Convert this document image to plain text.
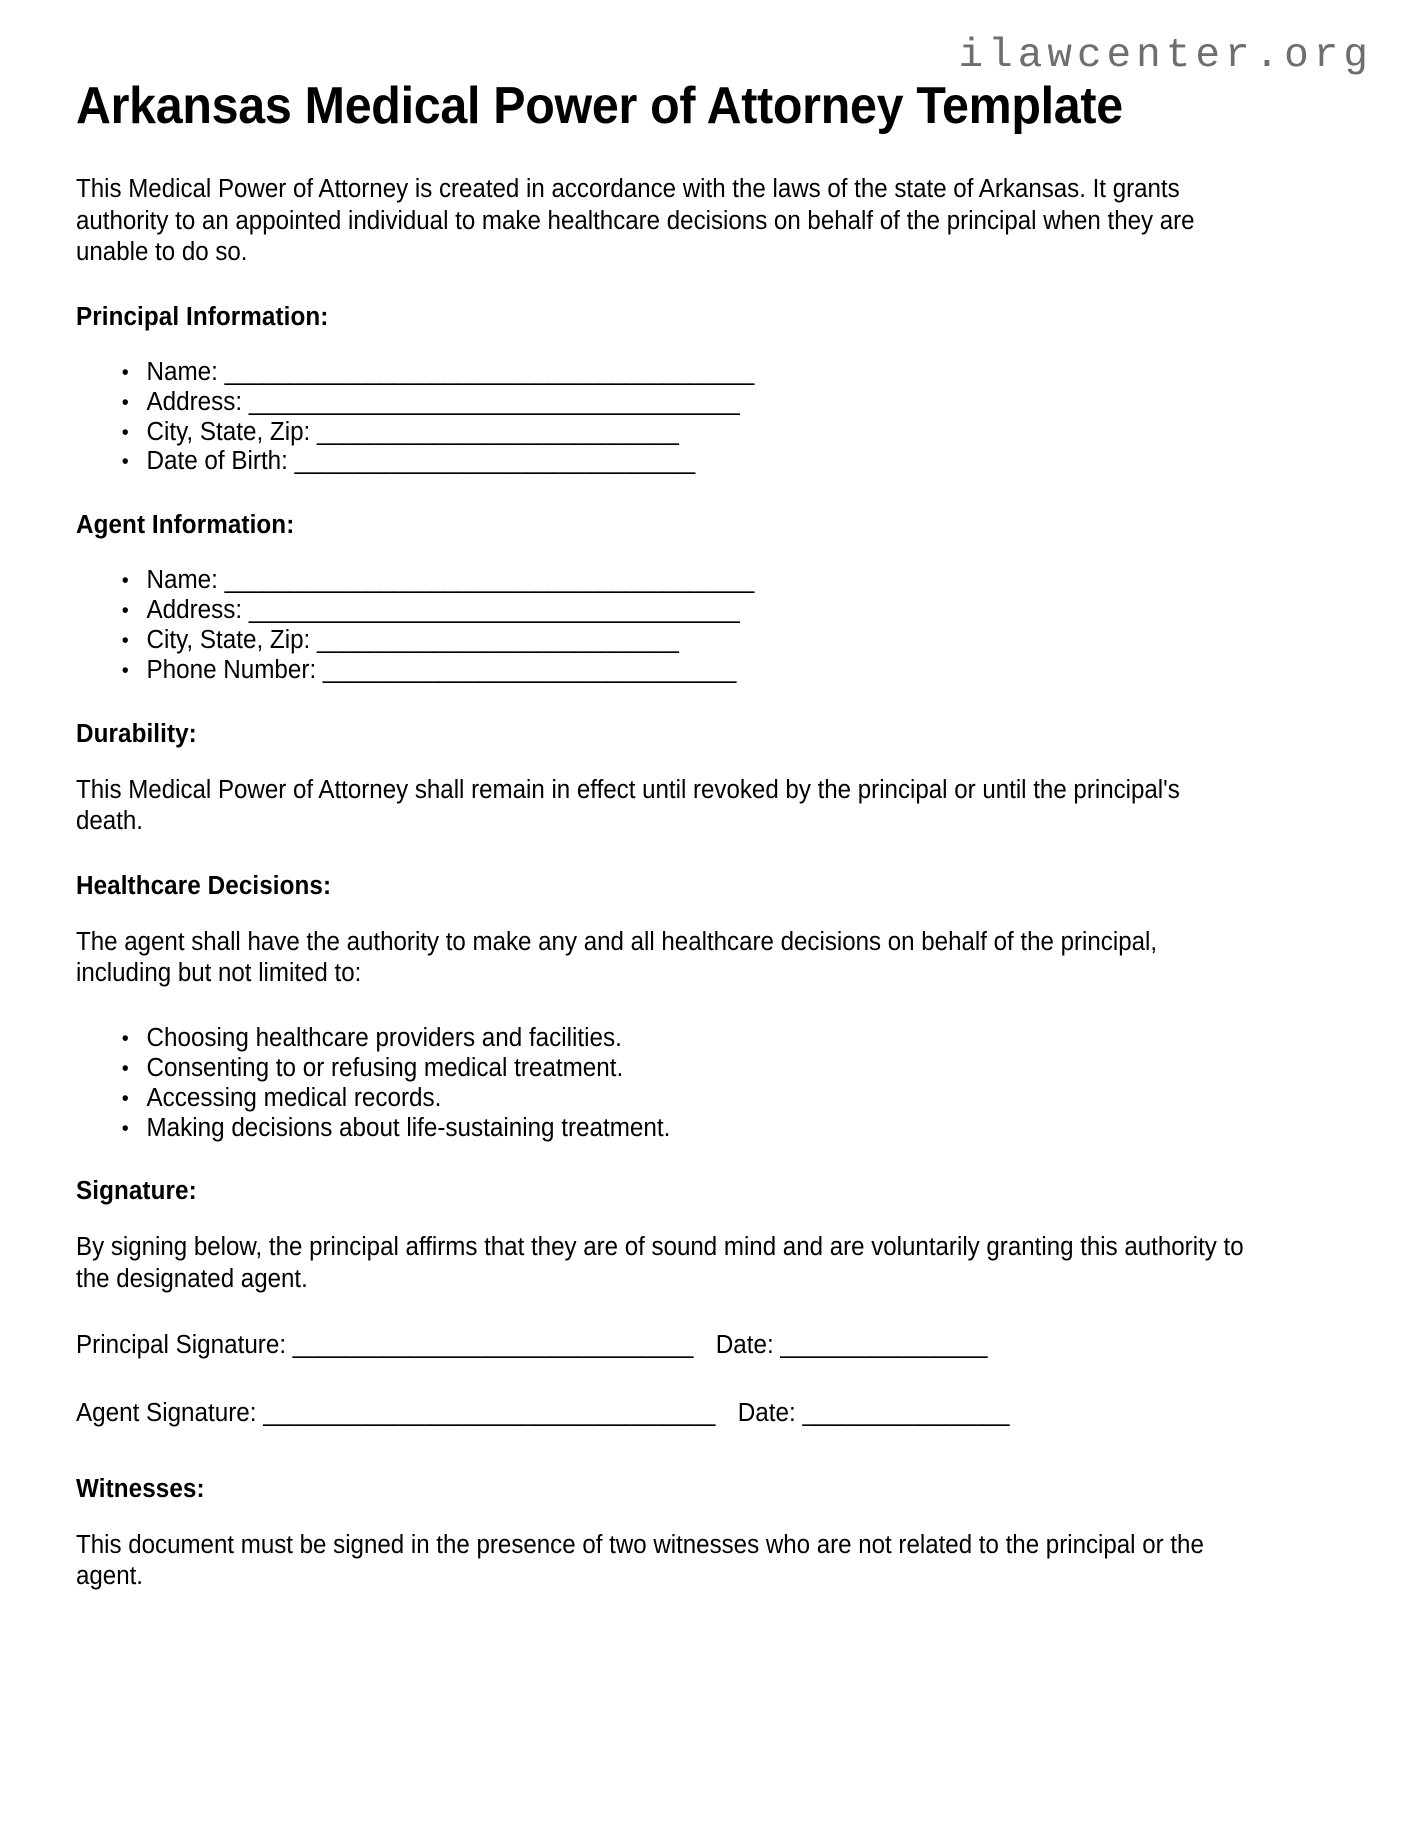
ilawcenter.org
Arkansas Medical Power of Attorney Template

This Medical Power of Attorney is created in accordance with the laws of the state of Arkansas. It grants authority to an appointed individual to make healthcare decisions on behalf of the principal when they are unable to do so.

Principal Information:
• Name: _________________________________________
• Address: ______________________________________
• City, State, Zip: ____________________________
• Date of Birth: _______________________________
Agent Information:
• Name: _________________________________________
• Address: ______________________________________
• City, State, Zip: ____________________________
• Phone Number: ________________________________
Durability:

This Medical Power of Attorney shall remain in effect until revoked by the principal or until the principal's death.

Healthcare Decisions:

The agent shall have the authority to make any and all healthcare decisions on behalf of the principal, including but not limited to:

• Choosing healthcare providers and facilities.
• Consenting to or refusing medical treatment.
• Accessing medical records.
• Making decisions about life-sustaining treatment.
Signature:

By signing below, the principal affirms that they are of sound mind and are voluntarily granting this authority to the designated agent.

Principal Signature: _______________________________ Date: ________________
Agent Signature: ___________________________________ Date: ________________
Witnesses:

This document must be signed in the presence of two witnesses who are not related to the principal or the agent.
